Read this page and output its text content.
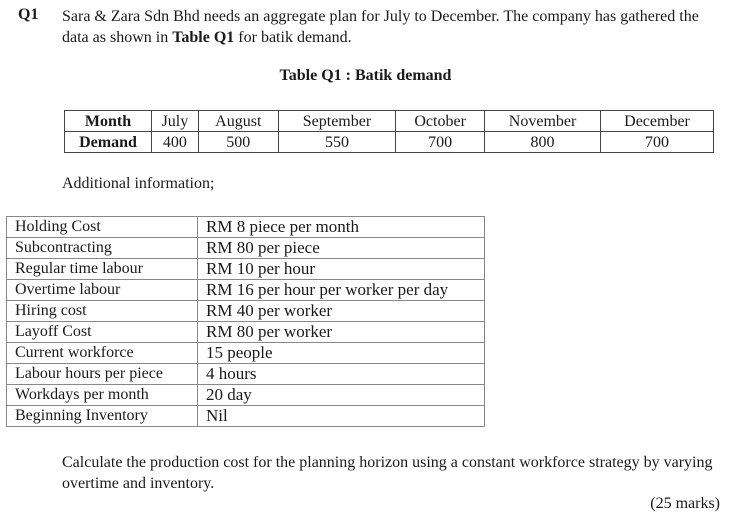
Q1 Sara & Zara Sdn Bhd needs an aggregate plan for July to December. The company has gathered the data as shown in Table Q1 for batik demand.
Table Q1 : Batik demand
Month	July	August	September	October	November	December
Demand	400	500	550	700	800	700
Additional information;
Holding Cost	RM 8 piece per month
Subcontracting	RM 80 per piece
Regular time labour	RM 10 per hour
Overtime labour	RM 16 per hour per worker per day
Hiring cost	RM 40 per worker
Layoff Cost	RM 80 per worker
Current workforce	15 people
Labour hours per piece	4 hours
Workdays per month	20 day
Beginning Inventory	Nil
Calculate the production cost for the planning horizon using a constant workforce strategy by varying overtime and inventory.
(25 marks)
